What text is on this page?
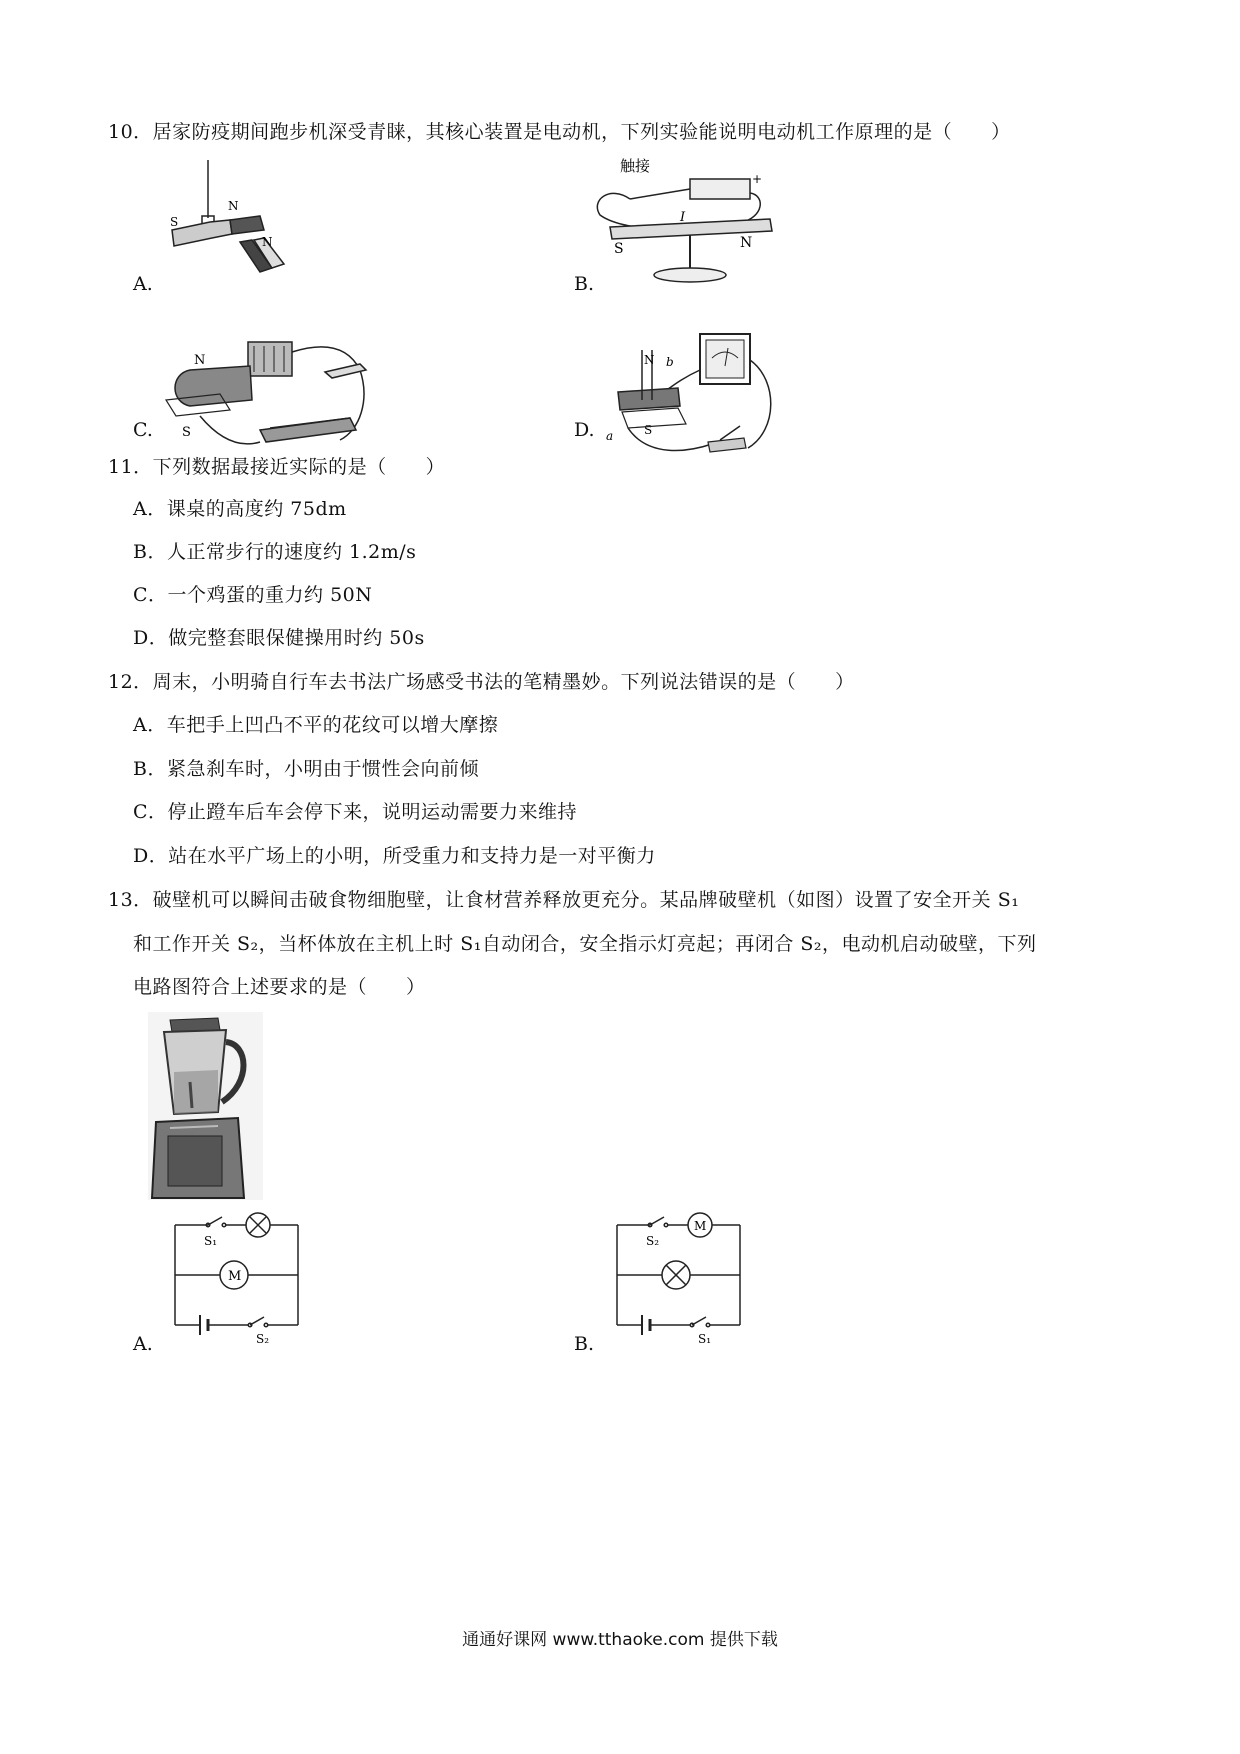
10．居家防疫期间跑步机深受青睐，其核心装置是电动机，下列实验能说明电动机工作原理的是（　　）
S
N
N
A.
触接
+
I
S	N
B.
N
S
C.
N b
a	S
D.
11．下列数据最接近实际的是（　　）
A．课桌的高度约 75dm
B．人正常步行的速度约 1.2m/s
C．一个鸡蛋的重力约 50N
D．做完整套眼保健操用时约 50s
12．周末，小明骑自行车去书法广场感受书法的笔精墨妙。下列说法错误的是（　　）
A．车把手上凹凸不平的花纹可以增大摩擦
B．紧急刹车时，小明由于惯性会向前倾
C．停止蹬车后车会停下来，说明运动需要力来维持
D．站在水平广场上的小明，所受重力和支持力是一对平衡力
13．破壁机可以瞬间击破食物细胞壁，让食材营养释放更充分。某品牌破壁机（如图）设置了安全开关 S₁
和工作开关 S₂，当杯体放在主机上时 S₁自动闭合，安全指示灯亮起；再闭合 S₂，电动机启动破壁，下列
电路图符合上述要求的是（　　）
M
S₁
S₂
A.
M
S₂
S₁
B.
通通好课网 www.tthaoke.com 提供下载
